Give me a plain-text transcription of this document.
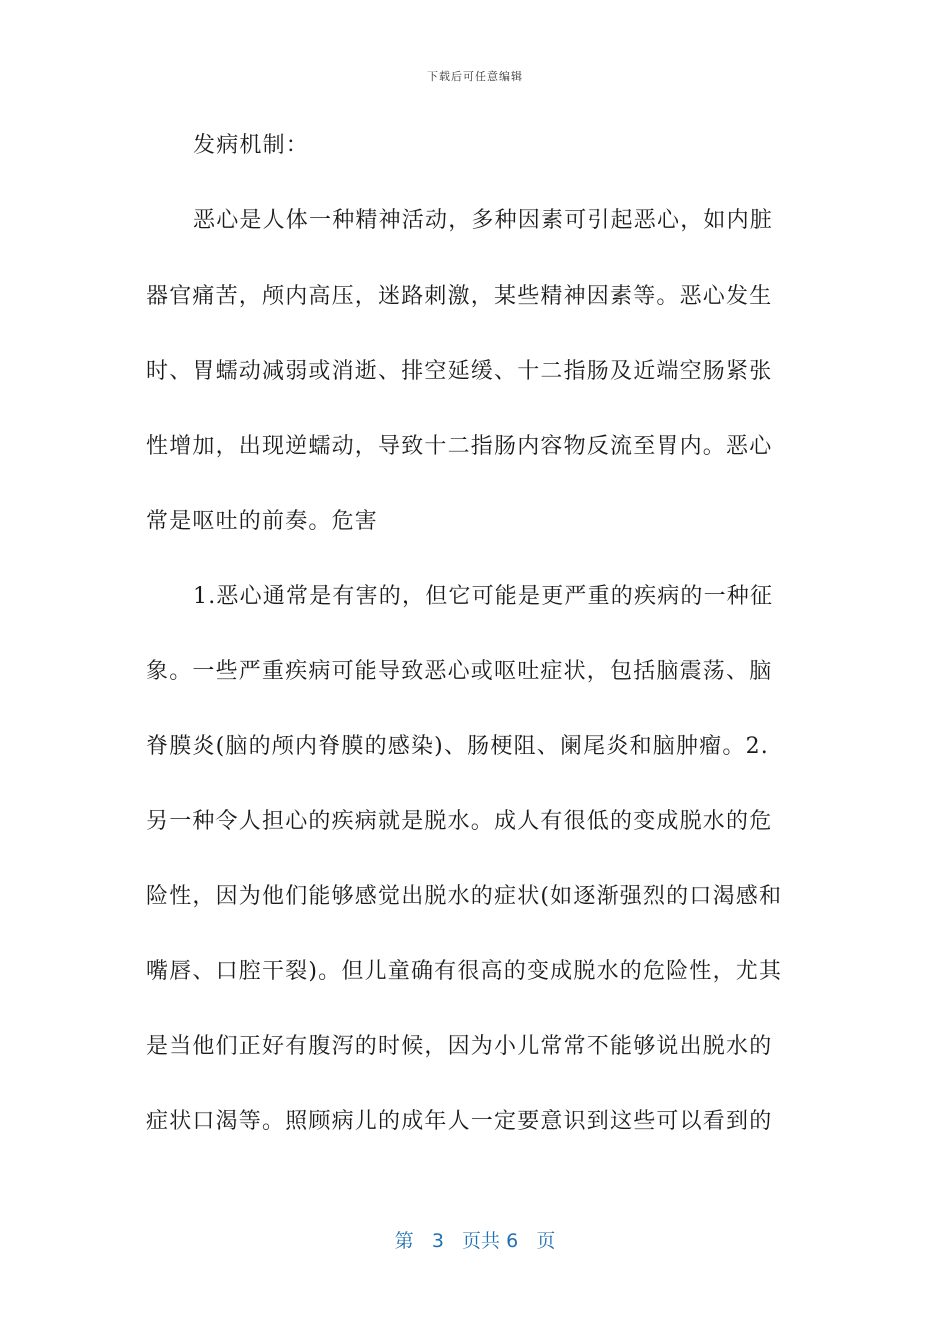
下载后可任意编辑
发病机制：
恶心是人体一种精神活动，多种因素可引起恶心，如内脏
器官痛苦，颅内高压，迷路刺激，某些精神因素等。恶心发生
时、胃蠕动减弱或消逝、排空延缓、十二指肠及近端空肠紧张
性增加，出现逆蠕动，导致十二指肠内容物反流至胃内。恶心
常是呕吐的前奏。危害
1.恶心通常是有害的，但它可能是更严重的疾病的一种征
象。一些严重疾病可能导致恶心或呕吐症状，包括脑震荡、脑
脊膜炎(脑的颅内脊膜的感染)、肠梗阻、阑尾炎和脑肿瘤。2.
另一种令人担心的疾病就是脱水。成人有很低的变成脱水的危
险性，因为他们能够感觉出脱水的症状(如逐渐强烈的口渴感和
嘴唇、口腔干裂)。但儿童确有很高的变成脱水的危险性，尤其
是当他们正好有腹泻的时候，因为小儿常常不能够说出脱水的
症状口渴等。照顾病儿的成年人一定要意识到这些可以看到的
第 3 页共 6 页
